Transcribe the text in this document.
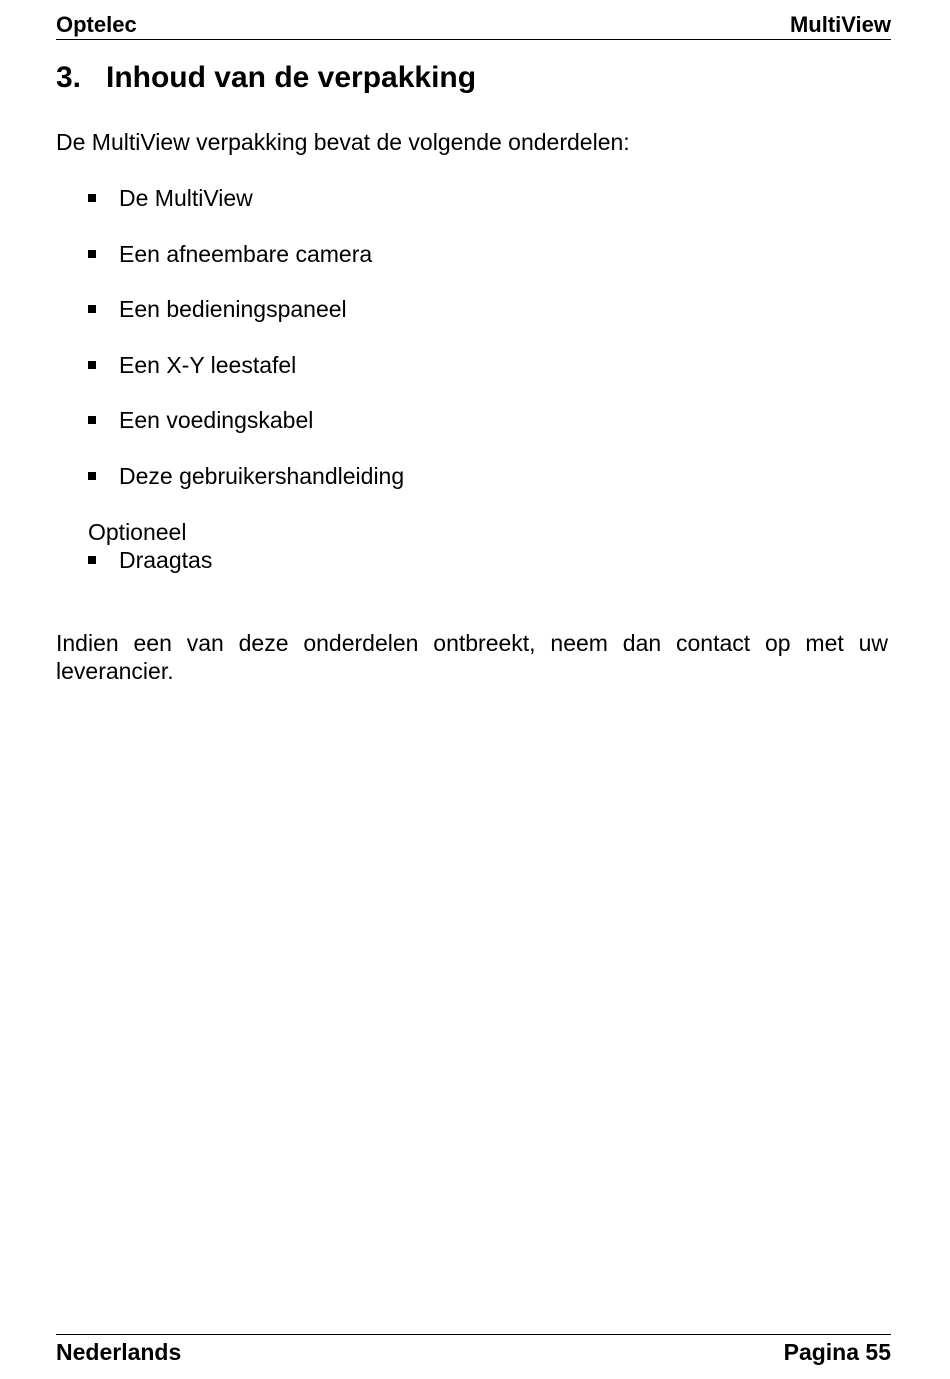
Optelec	MultiView
3. Inhoud van de verpakking

De MultiView verpakking bevat de volgende onderdelen:

De MultiView
Een afneembare camera
Een bedieningspaneel
Een X-Y leestafel
Een voedingskabel
Deze gebruikershandleiding

Optioneel

Draagtas

Indien een van deze onderdelen ontbreekt, neem dan contact op met uw leverancier.

Nederlands	Pagina 55
